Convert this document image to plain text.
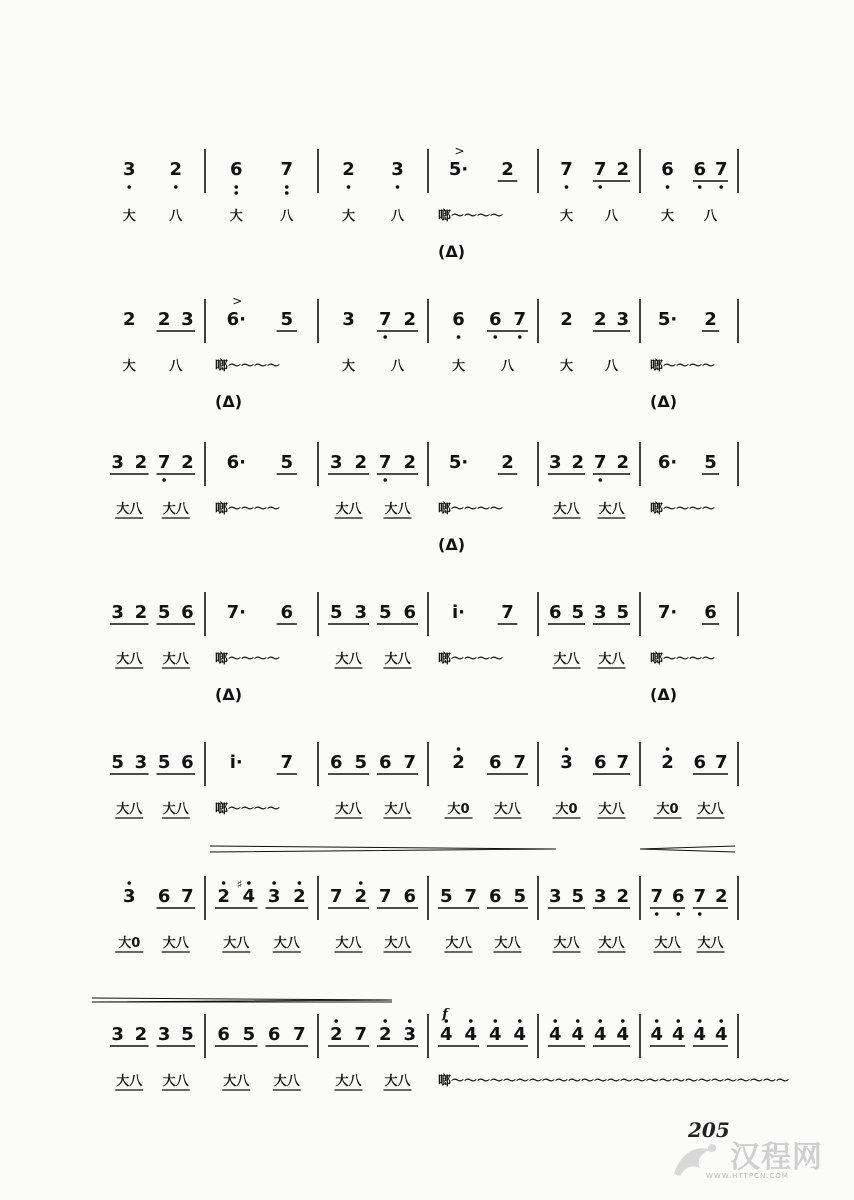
3 2
大	八
6 7
大	八
2 3
大	八
5·
>
2
啷～～～～
7 7 2
大 八
6 6 7
大 八
(Δ)
2 2 3
大	八
6·
>
5
啷～～～～
3 7 2
大	八
6 6 7
大	八
2 2 3
大 八
5· 2
啷～～～～
(Δ)	(Δ)
3 2 7 2
大八 大八
6· 5
啷～～～～
3 2 7 2
大八 大八
5· 2
啷～～～～
3 2 7 2
大八 大八
6· 5
啷～～～～
(Δ)
3 2 5 6
大八 大八
7· 6
啷～～～～
5 3 5 6
大八 大八
i· 7
啷～～～～
6 5 3 5
大八 大八
7· 6
啷～～～～
(Δ)	(Δ)
5 3 5 6
大八 大八
i· 7
啷～～～～
6 5 6 7
大八 大八
2 6 7
大0 大八
3 6 7
大0 大八
2 6 7
大0 大八
3 6 7
大0 大八
2 4
♯
3 2
大八 大八
7 2 7 6
大八 大八
5 7 6 5
大八 大八
3 5 3 2
大八 大八
7 6 7 2
大八 大八
3 2 3 5
大八 大八
6 5 6 7
大八 大八
2 7 2 3
大八 大八
4
f
4 4 4
啷～～～～～～～～～～～～～～～～～～～～～～～～～～
4 4 4 4 4 4 4 4
205
汉程网
WWW.HTTPCN.COM
